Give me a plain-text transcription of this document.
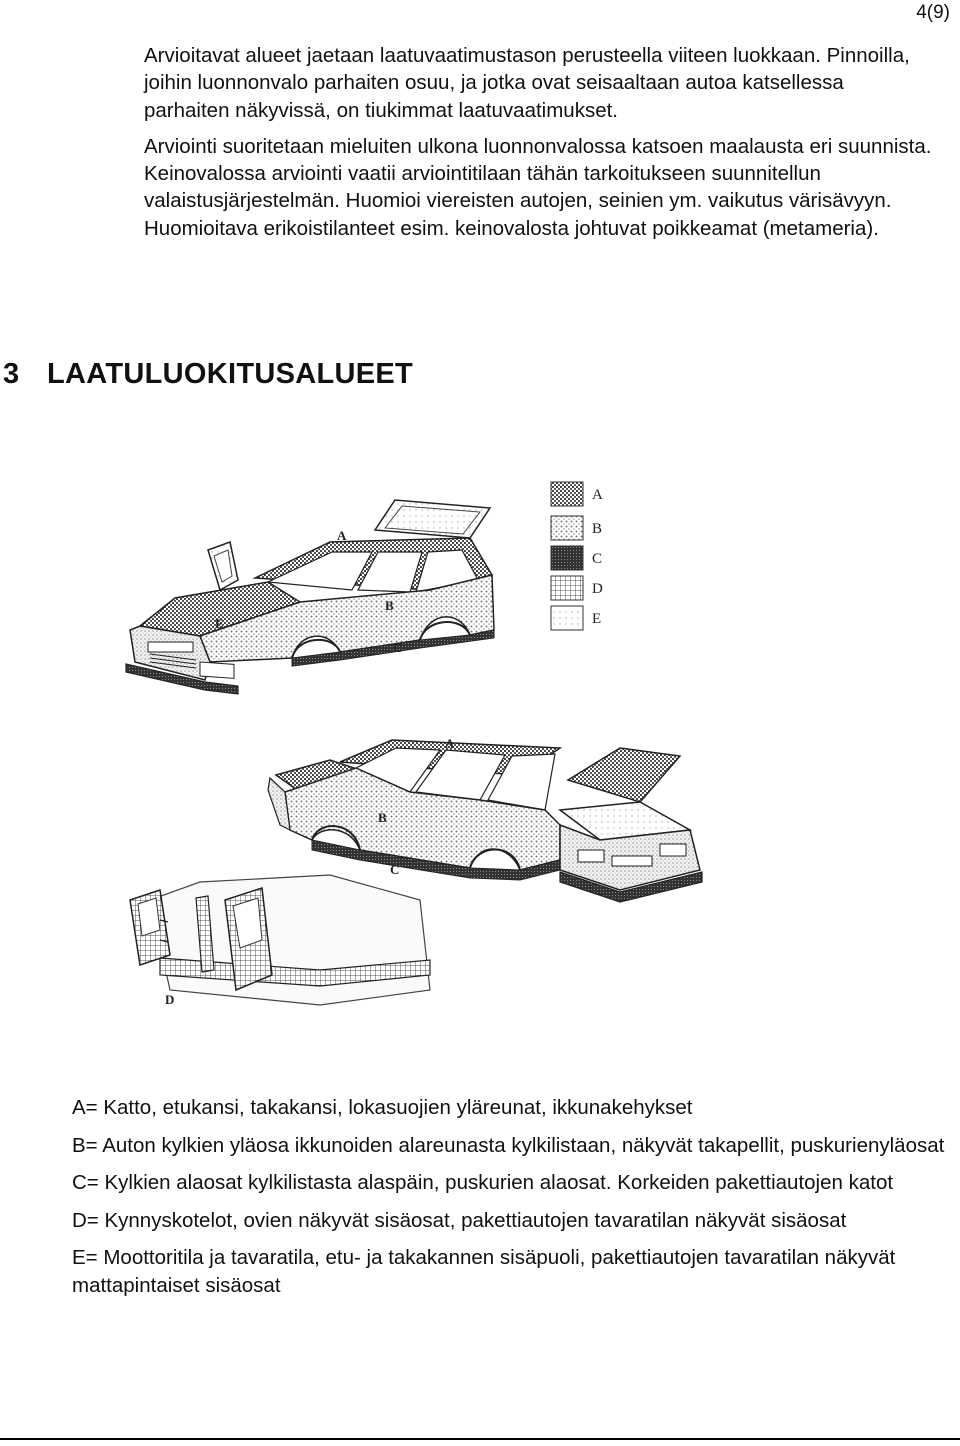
4(9)

Arvioitavat alueet jaetaan laatuvaatimustason perusteella viiteen luokkaan. Pinnoilla, joihin luonnonvalo parhaiten osuu, ja jotka ovat seisaaltaan autoa katsellessa parhaiten näkyvissä, on tiukimmat laatuvaatimukset.

Arviointi suoritetaan mieluiten ulkona luonnonvalossa katsoen maalausta eri suunnista. Keinovalossa arviointi vaatii arviointitilaan tähän tarkoitukseen suunnitellun valaistusjärjestelmän. Huomioi viereisten autojen, seinien ym. vaikutus värisävyyn. Huomioitava erikoistilanteet esim. keinovalosta johtuvat poikkeamat (metameria).

3 LAATULUOKITUSALUEET
A
B
C
D
E
E
A
B
C
A
B
C
D

A= Katto, etukansi, takakansi, lokasuojien yläreunat, ikkunakehykset

B= Auton kylkien yläosa ikkunoiden alareunasta kylkilistaan, näkyvät takapellit, puskurienyläosat

C= Kylkien alaosat kylkilistasta alaspäin, puskurien alaosat. Korkeiden pakettiautojen katot

D= Kynnyskotelot, ovien näkyvät sisäosat, pakettiautojen tavaratilan näkyvät sisäosat

E= Moottoritila ja tavaratila, etu- ja takakannen sisäpuoli, pakettiautojen tavaratilan näkyvät mattapintaiset sisäosat
